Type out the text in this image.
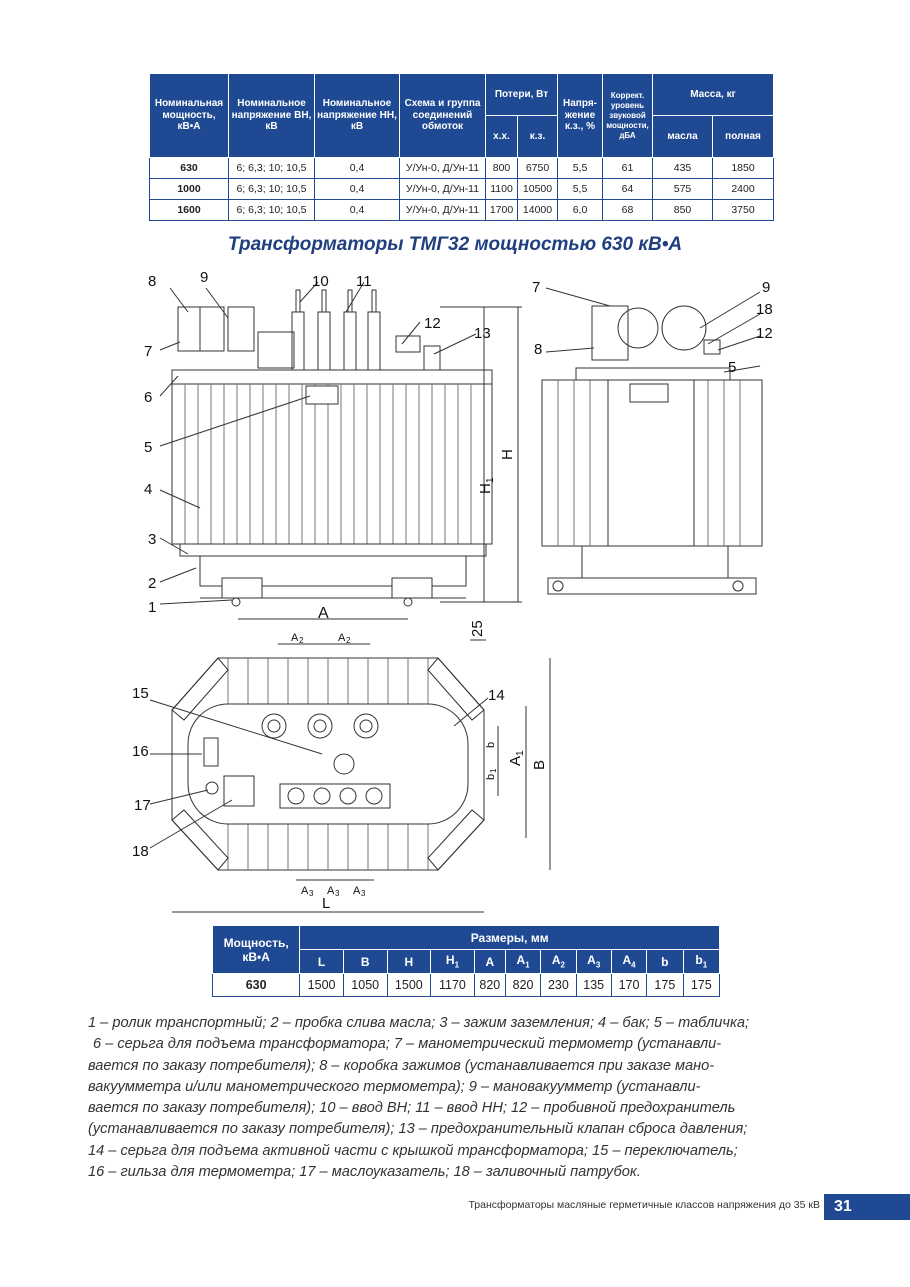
Номинальная мощность, кВ•А	Номинальное напряжение ВН, кВ	Номинальное напряжение НН, кВ	Схема и группа соединений обмоток	Потери, Вт		Напря-жение к.з., %	Коррект. уровень звуковой мощности, дБА	Масса, кг	
				х.х.	к.з.			масла	полная
630	6; 6,3; 10; 10,5	0,4	У/Ун-0, Д/Ун-11	800	6750	5,5	61	435	1850
1000	6; 6,3; 10; 10,5	0,4	У/Ун-0, Д/Ун-11	1100	10500	5,5	64	575	2400
1600	6; 6,3; 10; 10,5	0,4	У/Ун-0, Д/Ун-11	1700	14000	6,0	68	850	3750
Трансформаторы ТМГ32 мощностью 630 кВ•А
8	9	10 11
12
13
7
6
5
4
3
2
1	A
H
H
1
25
7
8
9
18
12
5
A 2	A 2
A 3 A 3 A 3
15
16
17
18
14
L
A
1
B
b
b
1
Мощность, кВ•А	Размеры, мм										
	L	B	H	$H_1$	A	$A_1$	$A_2$	$A_3$	$A_4$	b	$b_1$
630	1500	1050	1500	1170	820	820	230	135	170	175	175
1 – ролик транспортный; 2 – пробка слива масла; 3 – зажим заземления; 4 – бак; 5 – табличка;
6 – серьга для подъема трансформатора; 7 – манометрический термометр (устанавли-
вается по заказу потребителя); 8 – коробка зажимов (устанавливается при заказе мано-
вакуумметра и/или манометрического термометра); 9 – мановакуумметр (устанавли-
вается по заказу потребителя); 10 – ввод ВН; 11 – ввод НН; 12 – пробивной предохранитель
(устанавливается по заказу потребителя); 13 – предохранительный клапан сброса давления;
14 – серьга для подъема активной части с крышкой трансформатора; 15 – переключатель;
16 – гильза для термометра; 17 – маслоуказатель; 18 – заливочный патрубок.
Трансформаторы масляные герметичные классов напряжения до 35 кВ 31
